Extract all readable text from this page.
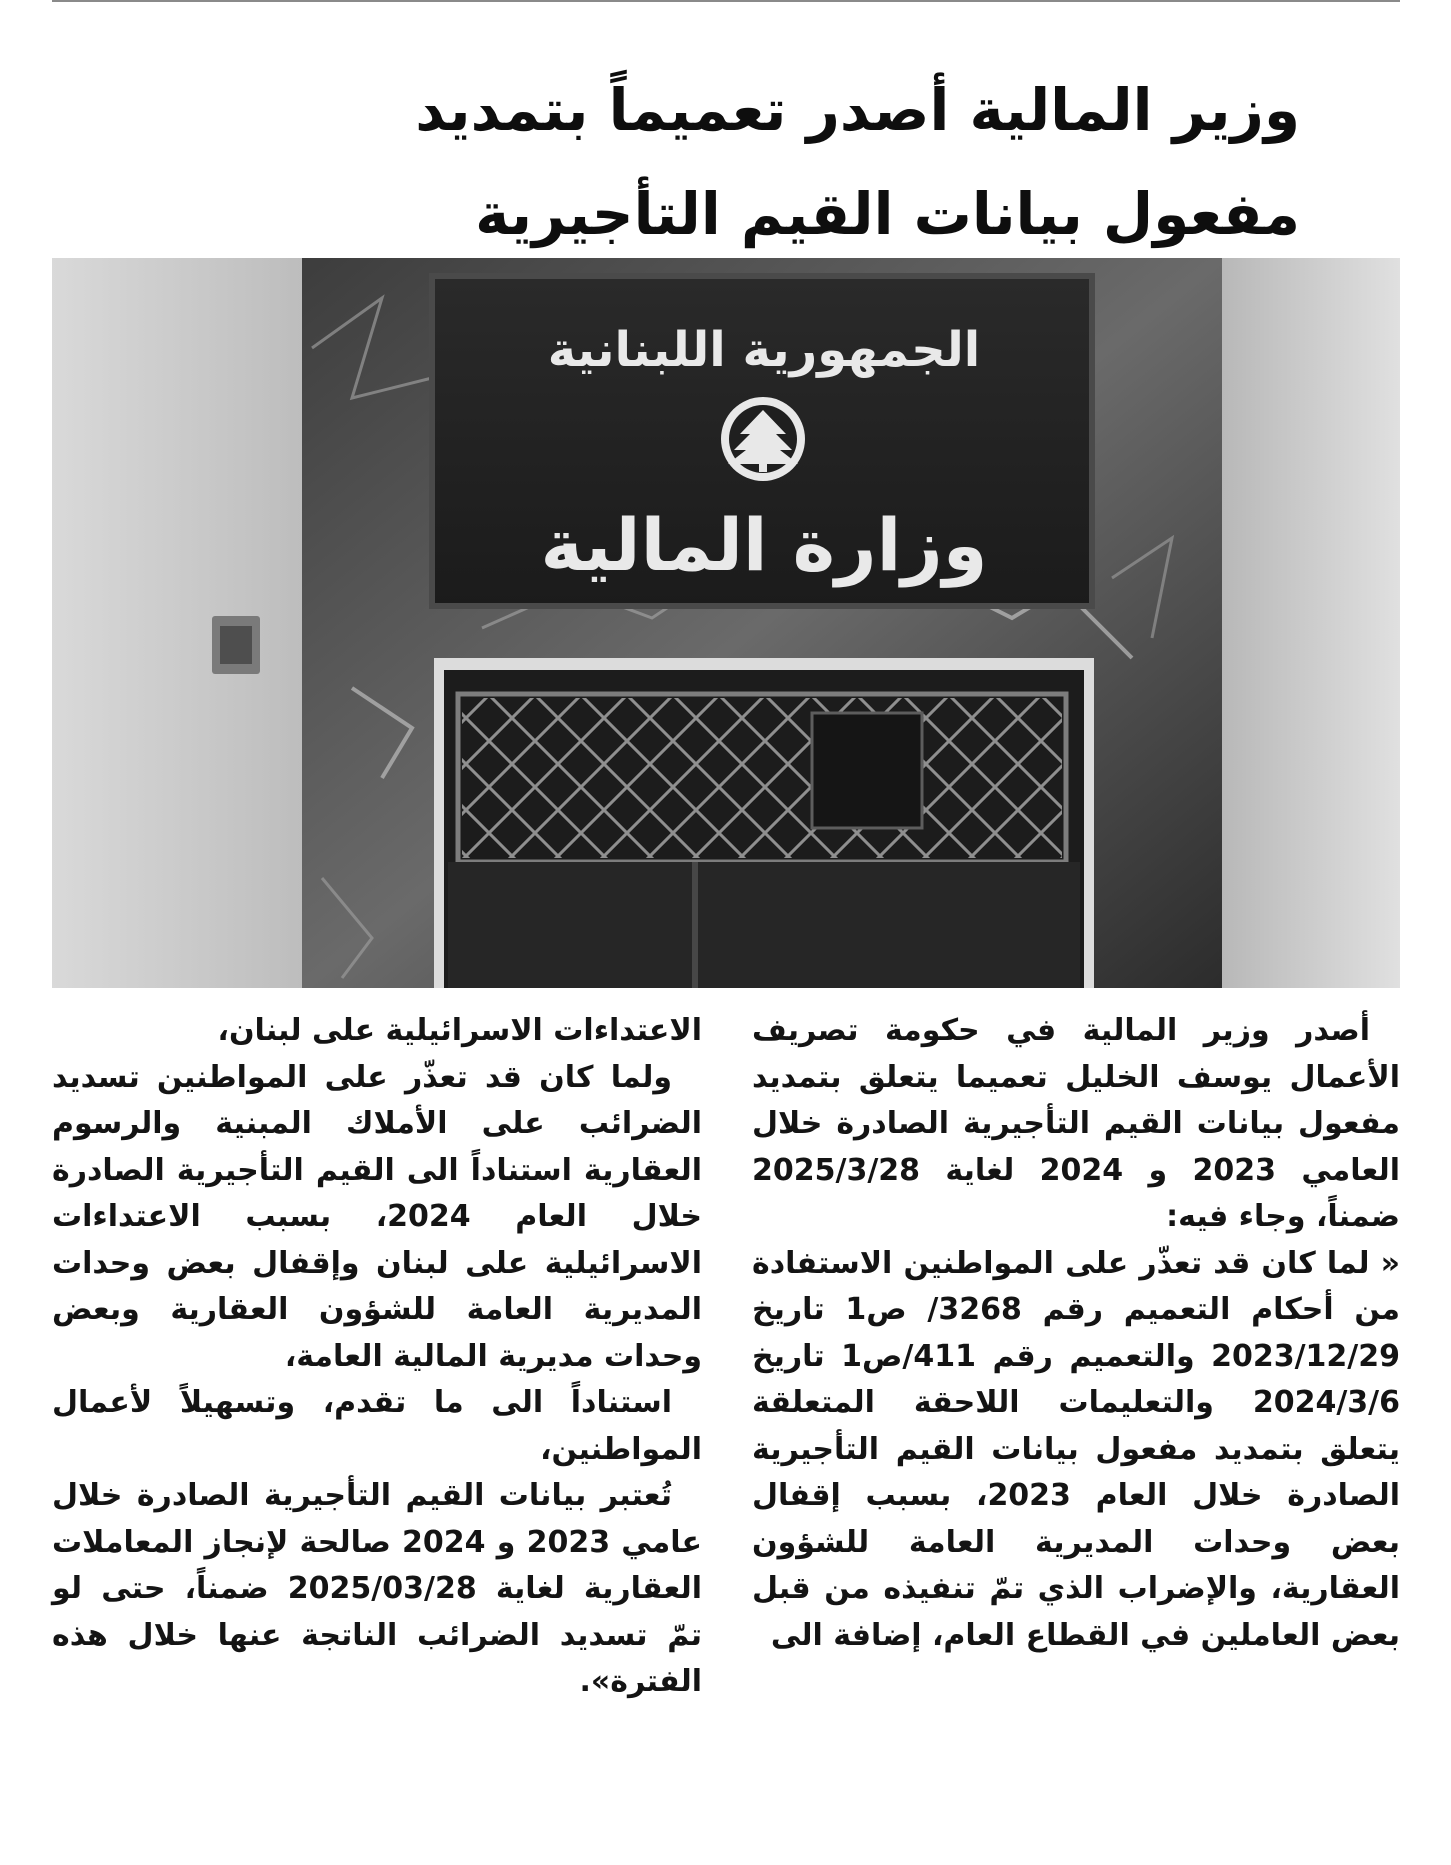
وزير المالية أصدر تعميماً بتمديد
مفعول بيانات القيم التأجيرية
الجمهورية اللبنانية
وزارة المالية

أصدر وزير المالية في حكومة تصريف الأعمال يوسف الخليل تعميما يتعلق بتمديد مفعول بيانات القيم التأجيرية الصادرة خلال العامي 2023 و 2024 لغاية 2025/3/28 ضمناً، وجاء فيه:

« لما كان قد تعذّر على المواطنين الاستفادة من أحكام التعميم رقم 3268/ ص1 تاريخ 2023/12/29 والتعميم رقم 411/ص1 تاريخ 2024/3/6 والتعليمات اللاحقة المتعلقة يتعلق بتمديد مفعول بيانات القيم التأجيرية الصادرة خلال العام 2023، بسبب إقفال بعض وحدات المديرية العامة للشؤون العقارية، والإضراب الذي تمّ تنفيذه من قبل بعض العاملين في القطاع العام، إضافة الى

الاعتداءات الاسرائيلية على لبنان،

ولما كان قد تعذّر على المواطنين تسديد الضرائب على الأملاك المبنية والرسوم العقارية استناداً الى القيم التأجيرية الصادرة خلال العام 2024، بسبب الاعتداءات الاسرائيلية على لبنان وإقفال بعض وحدات المديرية العامة للشؤون العقارية وبعض وحدات مديرية المالية العامة،

استناداً الى ما تقدم، وتسهيلاً لأعمال المواطنين،

تُعتبر بيانات القيم التأجيرية الصادرة خلال عامي 2023 و 2024 صالحة لإنجاز المعاملات العقارية لغاية 2025/03/28 ضمناً، حتى لو تمّ تسديد الضرائب الناتجة عنها خلال هذه الفترة».
